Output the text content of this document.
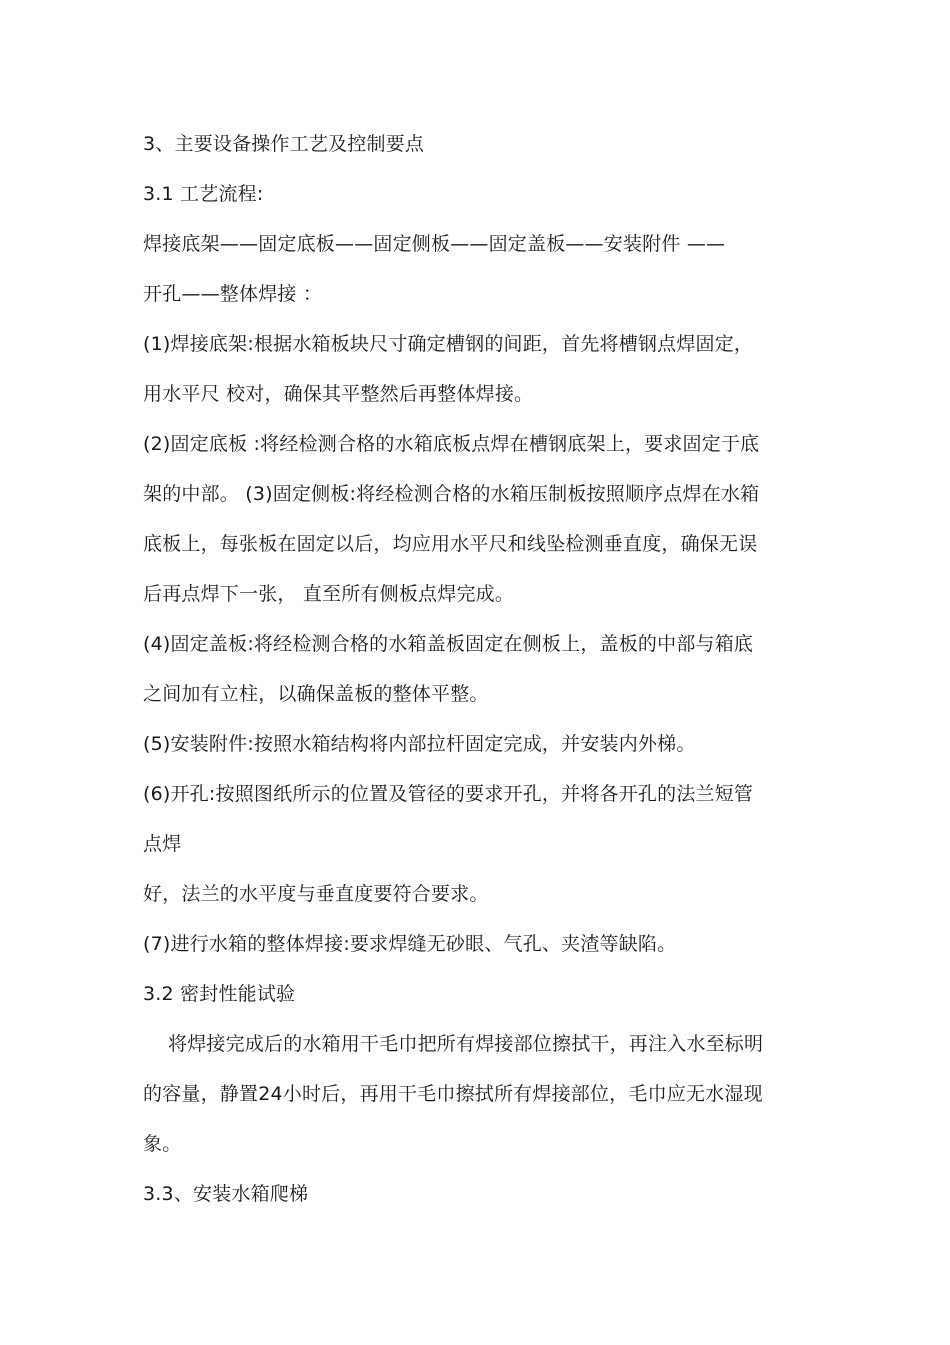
3、主要设备操作工艺及控制要点
3.1 工艺流程:
焊接底架——固定底板——固定侧板——固定盖板——安装附件 ——
开孔——整体焊接 ：
(1)焊接底架:根据水箱板块尺寸确定槽钢的间距，首先将槽钢点焊固定，
用水平尺 校对，确保其平整然后再整体焊接。
(2)固定底板 :将经检测合格的水箱底板点焊在槽钢底架上，要求固定于底
架的中部。 (3)固定侧板:将经检测合格的水箱压制板按照顺序点焊在水箱
底板上，每张板在固定以后，均应用水平尺和线坠检测垂直度，确保无误
后再点焊下一张， 直至所有侧板点焊完成。
(4)固定盖板:将经检测合格的水箱盖板固定在侧板上，盖板的中部与箱底
之间加有立柱，以确保盖板的整体平整。
(5)安装附件:按照水箱结构将内部拉杆固定完成，并安装内外梯。
(6)开孔:按照图纸所示的位置及管径的要求开孔，并将各开孔的法兰短管
点焊
好，法兰的水平度与垂直度要符合要求。
(7)进行水箱的整体焊接:要求焊缝无砂眼、气孔、夹渣等缺陷。
3.2 密封性能试验
将焊接完成后的水箱用干毛巾把所有焊接部位擦拭干，再注入水至标明
的容量，静置24小时后，再用干毛巾擦拭所有焊接部位，毛巾应无水湿现
象。
3.3、安装水箱爬梯
